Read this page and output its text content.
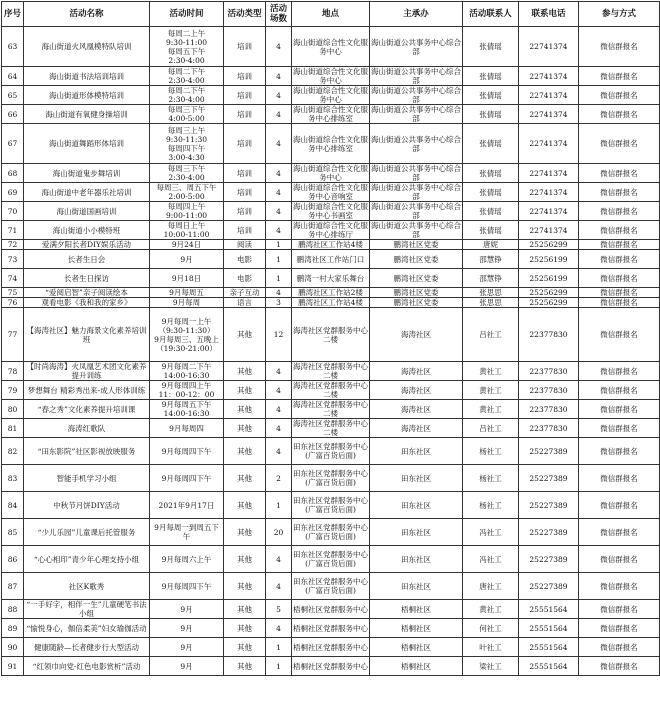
序号	活动名称	活动时间	活动类型	活动场数	地点	主承办	活动联系人	联系电话	参与方式
63	海山街道火风凰模特队培训	每周二上午
9:30-11:00
每周五下午
2:30-4:00	培训	4	海山街道综合性文化服务中心	海山街道公共事务中心综合部	张倩瑶	22741374	微信群报名
64	海山街道书法培训培训	每周二下午
2:30-4:00	培训	4	海山街道综合性文化服务中心	海山街道公共事务中心综合部	张倩瑶	22741374	微信群报名
65	海山街道形体模特培训	每周二下午
2:30-4:00	培训	4	海山街道综合性文化服务中心	海山街道公共事务中心综合部	张倩瑶	22741374	微信群报名
66	海山街道有氧健身操培训	每周三下午
4:00-5:00	培训	4	海山街道综合性文化服务中心排练室	海山街道公共事务中心综合部	张倩瑶	22741374	微信群报名
67	海山街道舞蹈形体培训	每周三上午
9:30-11:30
每周四下午
3:00-4:30	培训	4	海山街道综合性文化服务中心排练室	海山街道公共事务中心综合部	张倩瑶	22741374	微信群报名
68	海山街道鬼步舞培训	每周三下午
2:30-4:00	培训	4	海山街道综合性文化服务中心	海山街道公共事务中心综合部	张倩瑶	22741374	微信群报名
69	海山街道中老年器乐社培训	每周三、周五下午
2:00-5:00	培训	4	海山街道综合性文化服务中心音响室	海山街道公共事务中心综合部	张倩瑶	22741374	微信群报名
70	海山街道国画培训	每周四上午
9:00-11:00	培训	4	海山街道综合性文化服务中心书画室	海山街道公共事务中心综合部	张倩瑶	22741374	微信群报名
71	海山街道小小模特班	每周日上午
10:00-11:00	培训	4	海山街道综合性文化服务中心排练厅	海山街道公共事务中心综合部	张倩瑶	22741374	微信群报名
72	爱满夕阳长者DIY娱乐活动	9月24日	阅读	1	鹏湾社区工作站4楼	鹏湾社区党委	唐妮	25256299	微信群报名
73	长者生日会	9月	电影	1	鹏湾社区工作站门口	鹏湾社区党委	邵慧铮	25256199	微信群报名
74	长者生日探访	9月18日	电影	1	鹏湾一村大家乐舞台	鹏湾社区党委	邵慧铮	25256199	微信群报名
75	“爱阅启智”亲子阅读绘本	9月每周五	亲子互动	4	鹏湾社区工作站2楼	鹏湾社区党委	张思思	25256299	微信群报名
76	观看电影《我和我的家乡》	9月每周	语言	3	鹏湾社区工作站4楼	鹏湾社区党委	张思思	25256299	微信群报名
77	【海涛社区】魅力海景文化素养培训班	9月每周一上午
（9:30-11:30）
9月每周三、五晚上（19:30-21:00）	其他	12	海涛社区党群服务中心二楼	海涛社区	吕社工	22377830	微信群报名
78	【时尚海涛】火凤凰艺术团文化素养提升训练	9月每周二下午
14:00-16:30	其他	4	海涛社区党群服务中心二楼	海涛社区	黄社工	22377830	微信群报名
79	梦想舞台 精彩秀出来-成人形体训练	9月每周四上午
11：00-12：00	其他	4	海涛社区党群服务中心二楼	海涛社区	黄社工	22377830	微信群报名
80	“春之秀”文化素养提升培训课	9月每周五下午
14:00-16:30	其他	4	海涛社区党群服务中心二楼	海涛社区	黄社工	22377830	微信群报名
81	海涛红歌队	9月每周四	其他	4	海涛社区党群服务中心二楼	海涛社区	吕社工	22377830	微信群报名
82	“田东影院”社区影视放映服务	9月每周四下午	其他	4	田东社区党群服务中心(广富百货后面)	田东社区	杨社工	25227389	微信群报名
83	智能手机学习小组	9月每周四下午	其他	2	田东社区党群服务中心(广富百货后面)	田东社区	杨社工	25227389	微信群报名
84	中秋节月饼DIY活动	2021年9月17日	其他	1	田东社区党群服务中心(广富百货后面)	田东社区	杨社工	25227389	微信群报名
85	“少儿乐园”儿童课后托管服务	9月每周一到周五下午	其他	20	田东社区党群服务中心(广富百货后面)	田东社区	冯社工	25227389	微信群报名
86	“心心相印”青少年心理支持小组	9月每周六上午	其他	4	田东社区党群服务中心(广富百货后面)	田东社区	冯社工	25227389	微信群报名
87	社区K歌秀	9月每周四下午	其他	4	田东社区党群服务中心(广富百货后面)	田东社区	唐社工	25227389	微信群报名
88	“一手好字，相伴一生”儿童硬笔书法小组	9月	其他	5	梧桐社区党群服务中心	梧桐社区	黄社工	25551564	微信群报名
89	“愉悦身心，伽倍柔美”妇女瑜伽活动	9月	其他	4	梧桐社区党群服务中心	梧桐社区	何社工	25551564	微信群报名
90	健康随龄—长者健步行大型活动	9月	其他	1	梧桐社区党群服务中心	梧桐社区	叶社工	25551564	微信群报名
91	“红领巾向党-红色电影赏析”活动	9月	其他	1	梧桐社区党群服务中心	梧桐社区	梁社工	25551564	微信群报名
